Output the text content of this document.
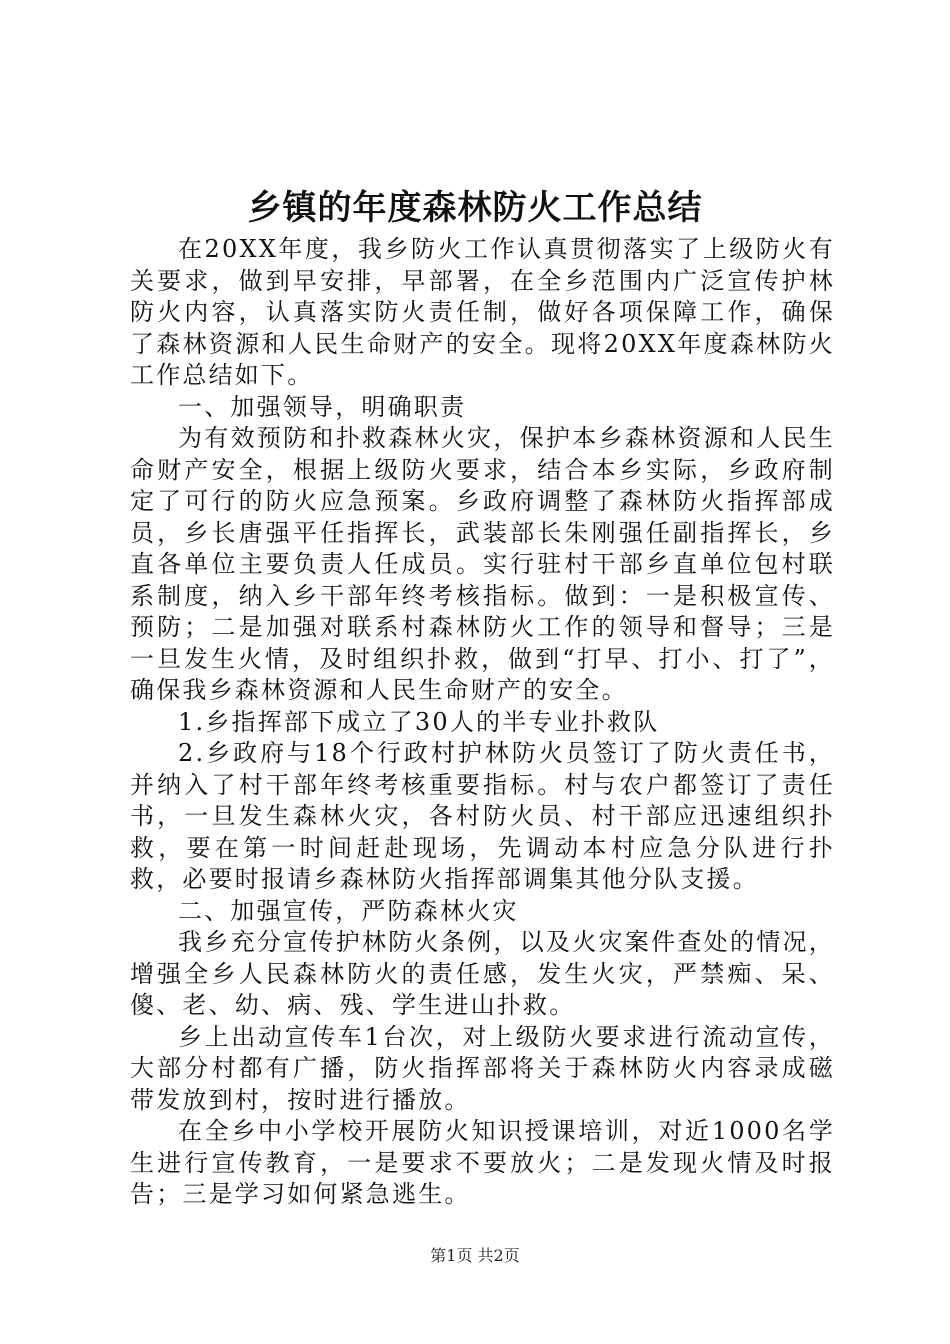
乡镇的年度森林防火工作总结

在20XX年度，我乡防火工作认真贯彻落实了上级防火有关要求，做到早安排，早部署，在全乡范围内广泛宣传护林防火内容，认真落实防火责任制，做好各项保障工作，确保了森林资源和人民生命财产的安全。现将20XX年度森林防火工作总结如下。

一、加强领导，明确职责

为有效预防和扑救森林火灾，保护本乡森林资源和人民生命财产安全，根据上级防火要求，结合本乡实际，乡政府制定了可行的防火应急预案。乡政府调整了森林防火指挥部成员，乡长唐强平任指挥长，武装部长朱刚强任副指挥长，乡直各单位主要负责人任成员。实行驻村干部乡直单位包村联系制度，纳入乡干部年终考核指标。做到：一是积极宣传、预防；二是加强对联系村森林防火工作的领导和督导；三是一旦发生火情，及时组织扑救，做到“打早、打小、打了”，确保我乡森林资源和人民生命财产的安全。

1.乡指挥部下成立了30人的半专业扑救队

2.乡政府与18个行政村护林防火员签订了防火责任书，并纳入了村干部年终考核重要指标。村与农户都签订了责任书，一旦发生森林火灾，各村防火员、村干部应迅速组织扑救，要在第一时间赶赴现场，先调动本村应急分队进行扑救，必要时报请乡森林防火指挥部调集其他分队支援。

二、加强宣传，严防森林火灾

我乡充分宣传护林防火条例，以及火灾案件查处的情况，增强全乡人民森林防火的责任感，发生火灾，严禁痴、呆、傻、老、幼、病、残、学生进山扑救。

乡上出动宣传车1台次，对上级防火要求进行流动宣传，大部分村都有广播，防火指挥部将关于森林防火内容录成磁带发放到村，按时进行播放。

在全乡中小学校开展防火知识授课培训，对近1000名学生进行宣传教育，一是要求不要放火；二是发现火情及时报告；三是学习如何紧急逃生。

第1页 共2页
